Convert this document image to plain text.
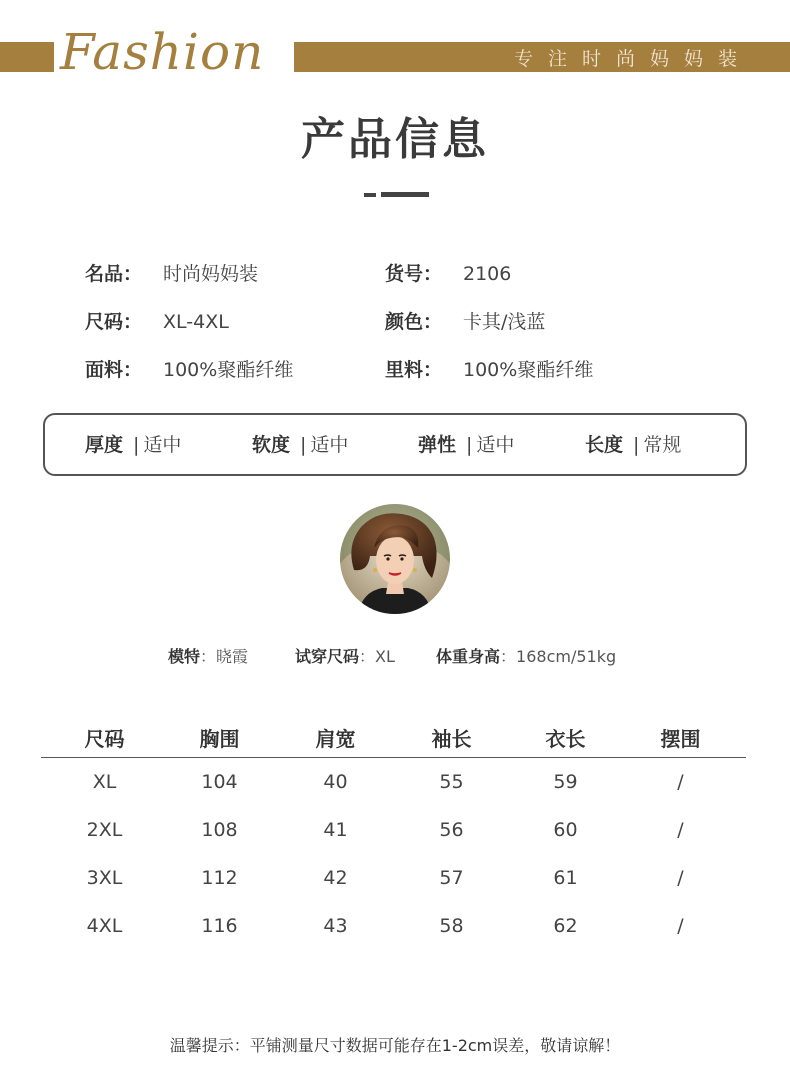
Fashion	专注时尚妈妈装
产品信息
名品：	时尚妈妈装	货号：	2106
尺码：	XL-4XL	颜色：	卡其/浅蓝
面料：	100%聚酯纤维	里料：	100%聚酯纤维
厚度 | 适中	软度 | 适中	弹性 | 适中	长度 | 常规
模特：晓霞	试穿尺码：XL	体重身高：168cm/51kg
尺码	胸围	肩宽	袖长	衣长	摆围
XL	104	40	55	59	/
2XL	108	41	56	60	/
3XL	112	42	57	61	/
4XL	116	43	58	62	/
温馨提示：平铺测量尺寸数据可能存在1-2cm误差，敬请谅解！
